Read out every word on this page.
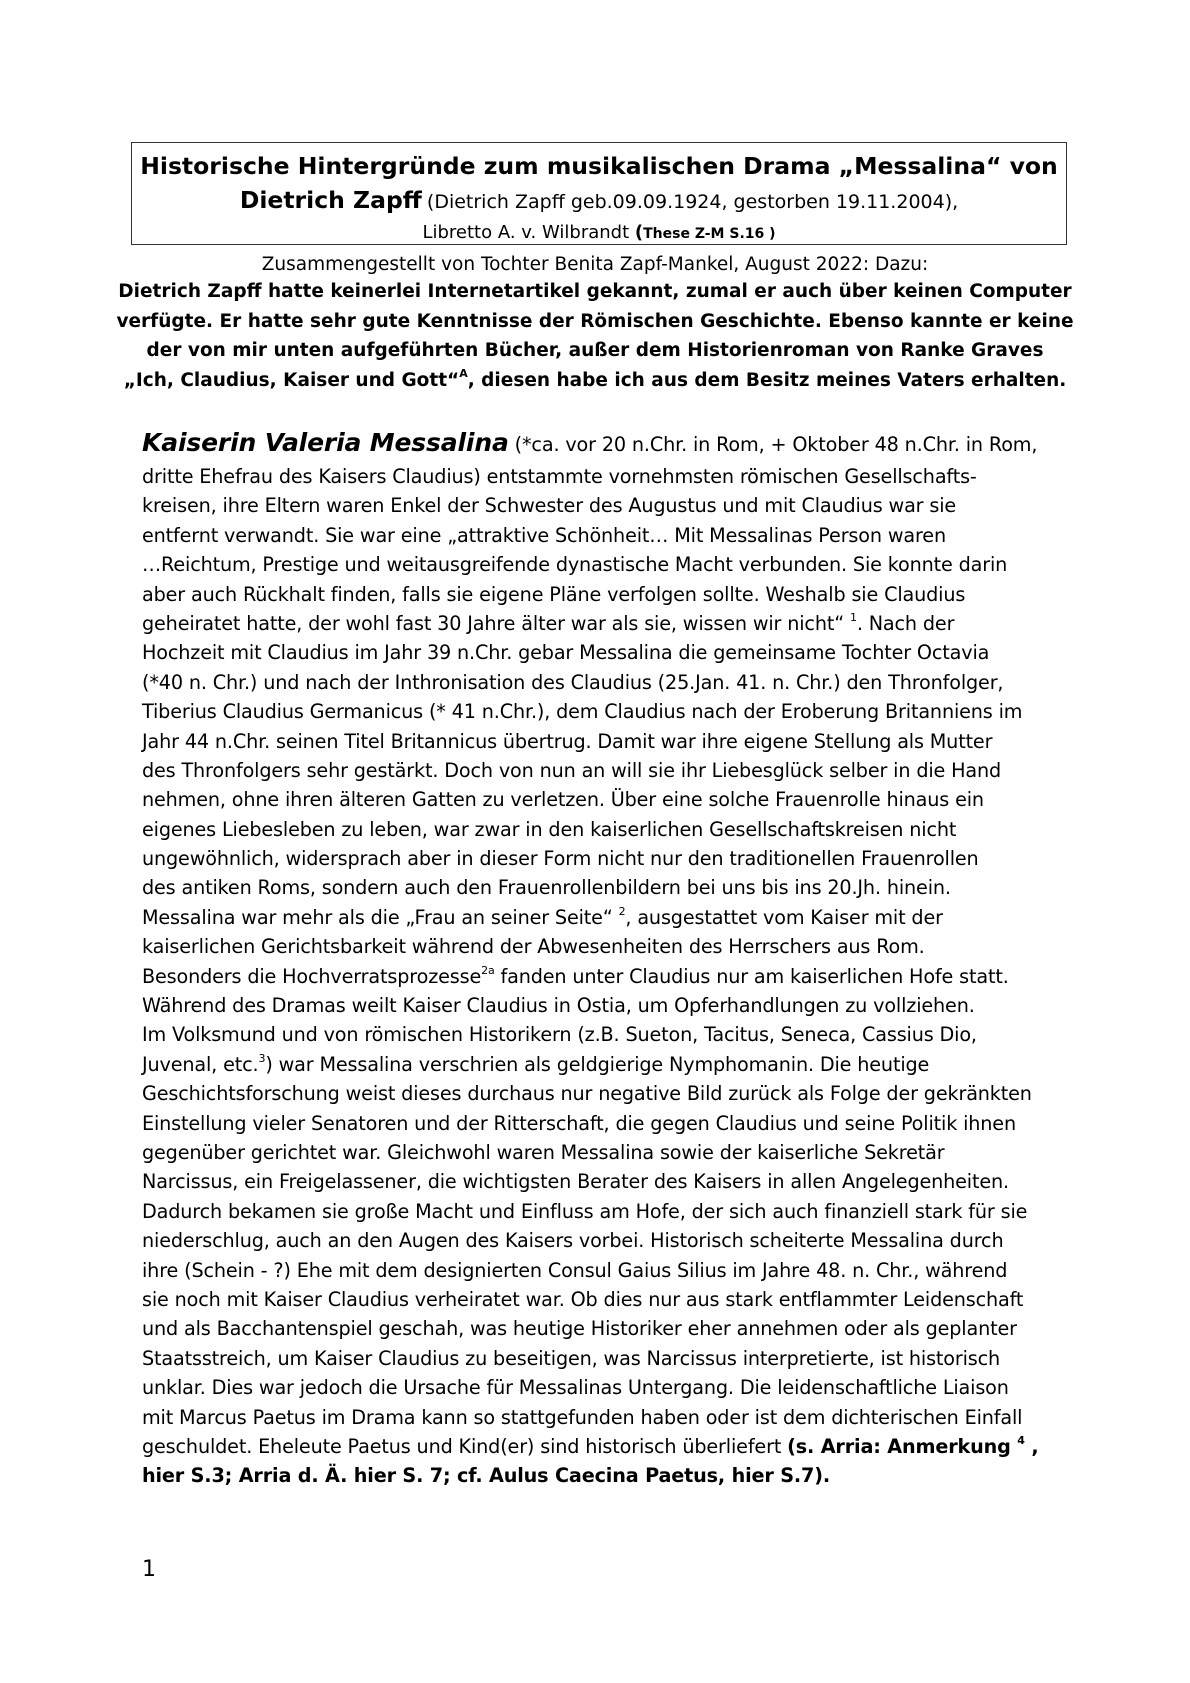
Historische Hintergründe zum musikalischen Drama „Messalina“ von
Dietrich Zapff (Dietrich Zapff geb.09.09.1924, gestorben 19.11.2004),
Libretto A. v. Wilbrandt (These Z-M S.16 )
Zusammengestellt von Tochter Benita Zapf-Mankel, August 2022: Dazu:
Dietrich Zapff hatte keinerlei Internetartikel gekannt, zumal er auch über keinen Computer
verfügte. Er hatte sehr gute Kenntnisse der Römischen Geschichte. Ebenso kannte er keine
der von mir unten aufgeführten Bücher, außer dem Historienroman von Ranke Graves
„Ich, Claudius, Kaiser und Gott“$^A$, diesen habe ich aus dem Besitz meines Vaters erhalten.
Kaiserin Valeria Messalina (*ca. vor 20 n.Chr. in Rom, + Oktober 48 n.Chr. in Rom,
dritte Ehefrau des Kaisers Claudius) entstammte vornehmsten römischen Gesellschafts-
kreisen, ihre Eltern waren Enkel der Schwester des Augustus und mit Claudius war sie
entfernt verwandt. Sie war eine „attraktive Schönheit… Mit Messalinas Person waren
…Reichtum, Prestige und weitausgreifende dynastische Macht verbunden. Sie konnte darin
aber auch Rückhalt finden, falls sie eigene Pläne verfolgen sollte. Weshalb sie Claudius
geheiratet hatte, der wohl fast 30 Jahre älter war als sie, wissen wir nicht“ $^1$. Nach der
Hochzeit mit Claudius im Jahr 39 n.Chr. gebar Messalina die gemeinsame Tochter Octavia
(*40 n. Chr.) und nach der Inthronisation des Claudius (25.Jan. 41. n. Chr.) den Thronfolger,
Tiberius Claudius Germanicus (* 41 n.Chr.), dem Claudius nach der Eroberung Britanniens im
Jahr 44 n.Chr. seinen Titel Britannicus übertrug. Damit war ihre eigene Stellung als Mutter
des Thronfolgers sehr gestärkt. Doch von nun an will sie ihr Liebesglück selber in die Hand
nehmen, ohne ihren älteren Gatten zu verletzen. Über eine solche Frauenrolle hinaus ein
eigenes Liebesleben zu leben, war zwar in den kaiserlichen Gesellschaftskreisen nicht
ungewöhnlich, widersprach aber in dieser Form nicht nur den traditionellen Frauenrollen
des antiken Roms, sondern auch den Frauenrollenbildern bei uns bis ins 20.Jh. hinein.
Messalina war mehr als die „Frau an seiner Seite“ $^2$, ausgestattet vom Kaiser mit der
kaiserlichen Gerichtsbarkeit während der Abwesenheiten des Herrschers aus Rom.
Besonders die Hochverratsprozesse$^{2a}$ fanden unter Claudius nur am kaiserlichen Hofe statt.
Während des Dramas weilt Kaiser Claudius in Ostia, um Opferhandlungen zu vollziehen.
Im Volksmund und von römischen Historikern (z.B. Sueton, Tacitus, Seneca, Cassius Dio,
Juvenal, etc.$^3$) war Messalina verschrien als geldgierige Nymphomanin. Die heutige
Geschichtsforschung weist dieses durchaus nur negative Bild zurück als Folge der gekränkten
Einstellung vieler Senatoren und der Ritterschaft, die gegen Claudius und seine Politik ihnen
gegenüber gerichtet war. Gleichwohl waren Messalina sowie der kaiserliche Sekretär
Narcissus, ein Freigelassener, die wichtigsten Berater des Kaisers in allen Angelegenheiten.
Dadurch bekamen sie große Macht und Einfluss am Hofe, der sich auch finanziell stark für sie
niederschlug, auch an den Augen des Kaisers vorbei. Historisch scheiterte Messalina durch
ihre (Schein - ?) Ehe mit dem designierten Consul Gaius Silius im Jahre 48. n. Chr., während
sie noch mit Kaiser Claudius verheiratet war. Ob dies nur aus stark entflammter Leidenschaft
und als Bacchantenspiel geschah, was heutige Historiker eher annehmen oder als geplanter
Staatsstreich, um Kaiser Claudius zu beseitigen, was Narcissus interpretierte, ist historisch
unklar. Dies war jedoch die Ursache für Messalinas Untergang. Die leidenschaftliche Liaison
mit Marcus Paetus im Drama kann so stattgefunden haben oder ist dem dichterischen Einfall
geschuldet. Eheleute Paetus und Kind(er) sind historisch überliefert (s. Arria: Anmerkung $^4$ ,
hier S.3; Arria d. Ä. hier S. 7; cf. Aulus Caecina Paetus, hier S.7).
1
